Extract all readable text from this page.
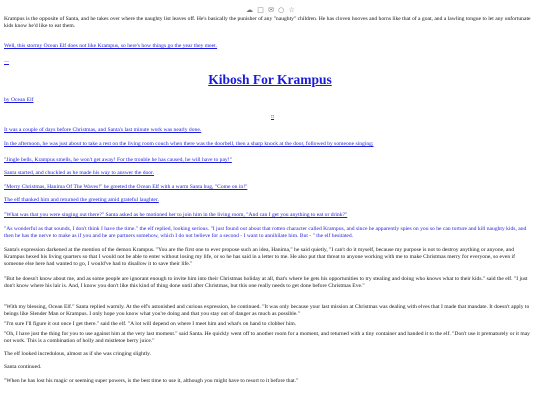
☁ □ ✉ ○ ☆

Krampus is the opposite of Santa, and he takes over where the naughty list leaves off. He's basically the punisher of any "naughty" children. He has cloven hooves and horns like that of a goat, and a lawling tongue to let any unfortunate kids know he'd like to eat them.

Well, this stormy Ocean Elf does not like Krampus, so here's how things go the year they meet.

—
Kibosh For Krampus

by Ocean Elf

□

It was a couple of days before Christmas, and Santa's last minute work was nearly done.

In the afternoon, he was just about to take a rest on the living room couch when there was the doorbell, then a sharp knock at the door, followed by someone singing;

"Jingle bells, Krampus smells, he won't get away! For the trouble he has caused, he will have to pay!"

Santa started, and chuckled as he made his way to answer the door.

"Merry Christmas, Hanima Of The Waves!" he greeted the Ocean Elf with a warm Santa hug, "Come on in!"

The elf thanked him and returned the greeting amid grateful laughter.

"What was that you were singing out there?" Santa asked as he motioned her to join him in the living room, "And can I get you anything to eat or drink?"

"As wonderful as that sounds, I don't think I have the time." the elf replied, looking serious. "I just found out about that rotten character called Krampus, and since he apparently spies on you so he can torture and kill naughty kids, and then he has the nerve to make as if you and he are partners somehow, which I do not believe for a second - I want to annihilate him. But - " the elf hesitated.

Santa's expression darkened at the mention of the demon Krampus. "You are the first one to ever propose such an idea, Hanima," he said quietly, "I can't do it myself, because my purpose is not to destroy anything or anyone, and Krampus hexed his living quarters so that I would not be able to enter without losing my life, or so he has said in a letter to me. He also put that threat to anyone working with me to make Christmas merry for everyone, so even if someone else here had wanted to go, I would've had to disallow it to save their life."

"But he doesn't know about me, and as some people are ignorant enough to invite him into their Christmas holiday at all, that's where he gets his opportunities to try stealing and doing who knows what to their kids." said the elf. "I just don't know where his lair is. And, I know you don't like this kind of thing done until after Christmas, but this one really needs to get done before Christmas Eve."

"With my blessing, Ocean Elf." Santa replied warmly. At the elf's astonished and curious expression, he continued. "It was only because your last mission at Christmas was dealing with elves that I made that mandate. It doesn't apply to beings like Slender Man or Krampus. I only hope you know what you're doing and that you stay out of danger as much as possible."

"I'm sure I'll figure it out once I get there." said the elf. "A lot will depend on where I meet him and what's on hand to clobber him.

"Oh, I have just the thing for you to use against him at the very last moment." said Santa. He quickly went off to another room for a moment, and returned with a tiny container and handed it to the elf. "Don't use it prematurely or it may not work. This is a combination of holly and mistletoe berry juice."

The elf looked incredulous, almost as if she was cringing slightly.

Santa continued.

"When he has lost his magic or seeming super powers, is the best time to use it, although you might have to resort to it before that."
